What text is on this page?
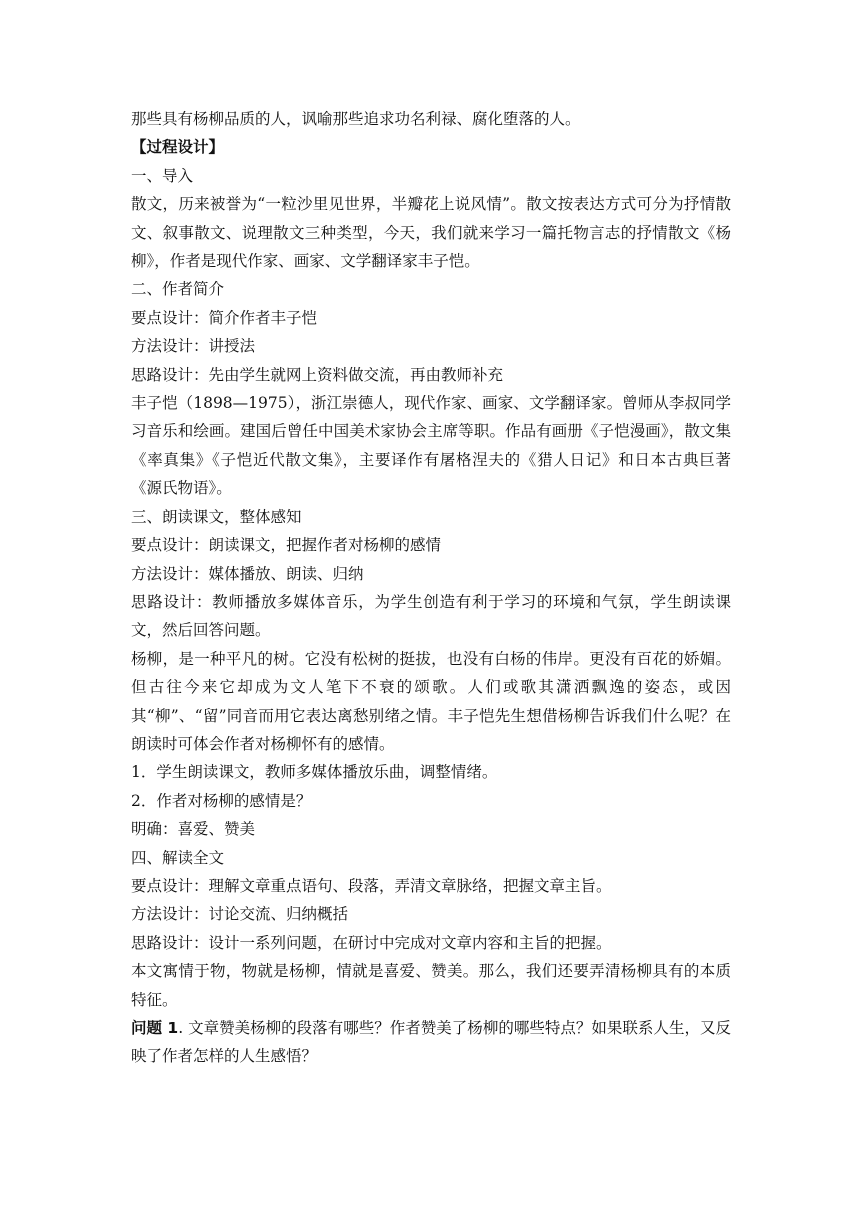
那些具有杨柳品质的人，讽喻那些追求功名利禄、腐化堕落的人。

【过程设计】

一、导入

散文，历来被誉为“一粒沙里见世界，半瓣花上说风情”。散文按表达方式可分为抒情散文、叙事散文、说理散文三种类型，今天，我们就来学习一篇托物言志的抒情散文《杨柳》，作者是现代作家、画家、文学翻译家丰子恺。

二、作者简介

要点设计：简介作者丰子恺

方法设计：讲授法

思路设计：先由学生就网上资料做交流，再由教师补充

丰子恺（1898—1975），浙江崇德人，现代作家、画家、文学翻译家。曾师从李叔同学习音乐和绘画。建国后曾任中国美术家协会主席等职。作品有画册《子恺漫画》，散文集《率真集》《子恺近代散文集》，主要译作有屠格涅夫的《猎人日记》和日本古典巨著《源氏物语》。

三、朗读课文，整体感知

要点设计：朗读课文，把握作者对杨柳的感情

方法设计：媒体播放、朗读、归纳

思路设计：教师播放多媒体音乐，为学生创造有利于学习的环境和气氛，学生朗读课文，然后回答问题。

杨柳，是一种平凡的树。它没有松树的挺拔，也没有白杨的伟岸。更没有百花的娇媚。但古往今来它却成为文人笔下不衰的颂歌。人们或歌其潇洒飘逸的姿态，或因其“柳”、“留”同音而用它表达离愁别绪之情。丰子恺先生想借杨柳告诉我们什么呢？在朗读时可体会作者对杨柳怀有的感情。

1．学生朗读课文，教师多媒体播放乐曲，调整情绪。

2．作者对杨柳的感情是？

明确：喜爱、赞美

四、解读全文

要点设计：理解文章重点语句、段落，弄清文章脉络，把握文章主旨。

方法设计：讨论交流、归纳概括

思路设计：设计一系列问题，在研讨中完成对文章内容和主旨的把握。

本文寓情于物，物就是杨柳，情就是喜爱、赞美。那么，我们还要弄清杨柳具有的本质特征。

问题 1. 文章赞美杨柳的段落有哪些？作者赞美了杨柳的哪些特点？如果联系人生，又反映了作者怎样的人生感悟？
